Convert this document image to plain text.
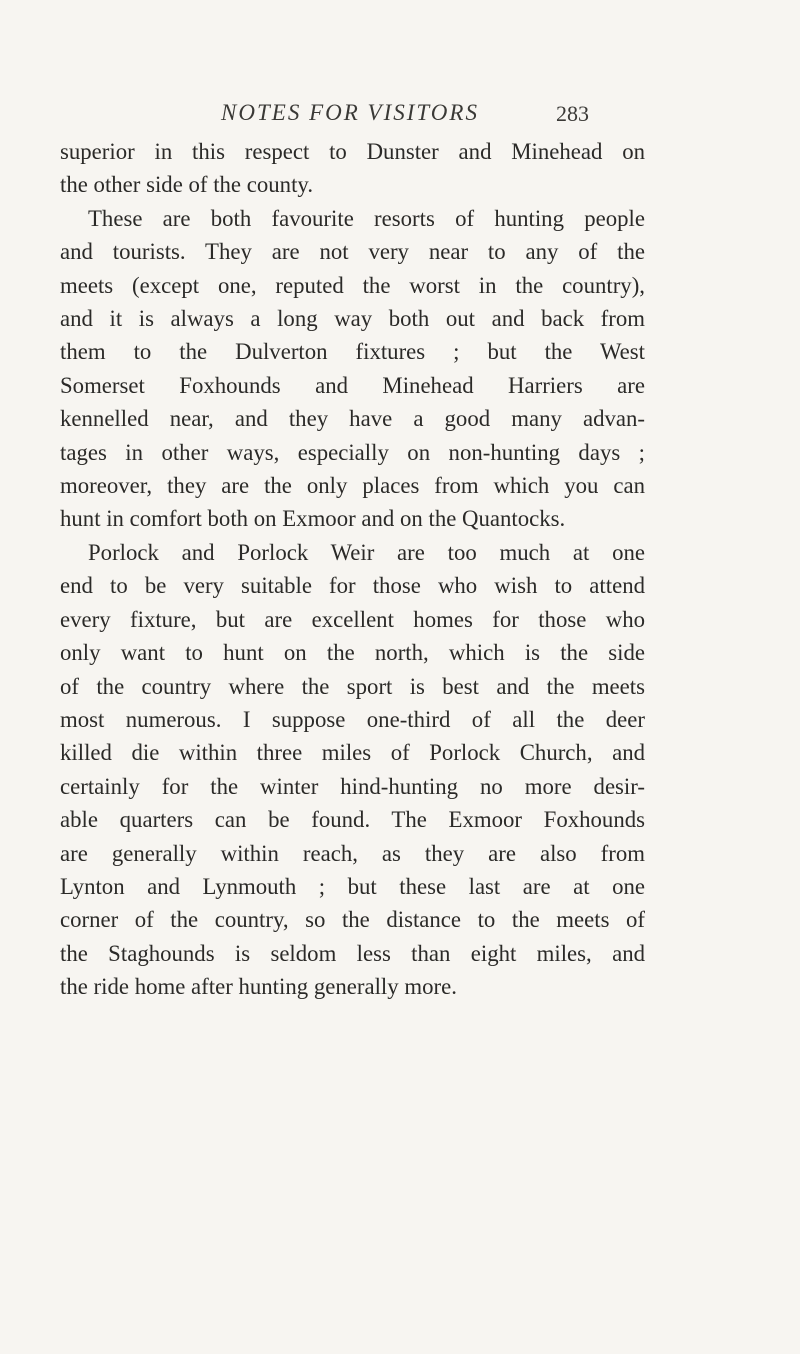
NOTES FOR VISITORS	283

superior in this respect to Dunster and Minehead on

the other side of the county.

These are both favourite resorts of hunting people

and tourists. They are not very near to any of the

meets (except one, reputed the worst in the country),

and it is always a long way both out and back from

them to the Dulverton fixtures ; but the West

Somerset Foxhounds and Minehead Harriers are

kennelled near, and they have a good many advan-

tages in other ways, especially on non-hunting days ;

moreover, they are the only places from which you can

hunt in comfort both on Exmoor and on the Quantocks.

Porlock and Porlock Weir are too much at one

end to be very suitable for those who wish to attend

every fixture, but are excellent homes for those who

only want to hunt on the north, which is the side

of the country where the sport is best and the meets

most numerous. I suppose one-third of all the deer

killed die within three miles of Porlock Church, and

certainly for the winter hind-hunting no more desir-

able quarters can be found. The Exmoor Foxhounds

are generally within reach, as they are also from

Lynton and Lynmouth ; but these last are at one

corner of the country, so the distance to the meets of

the Staghounds is seldom less than eight miles, and

the ride home after hunting generally more.
